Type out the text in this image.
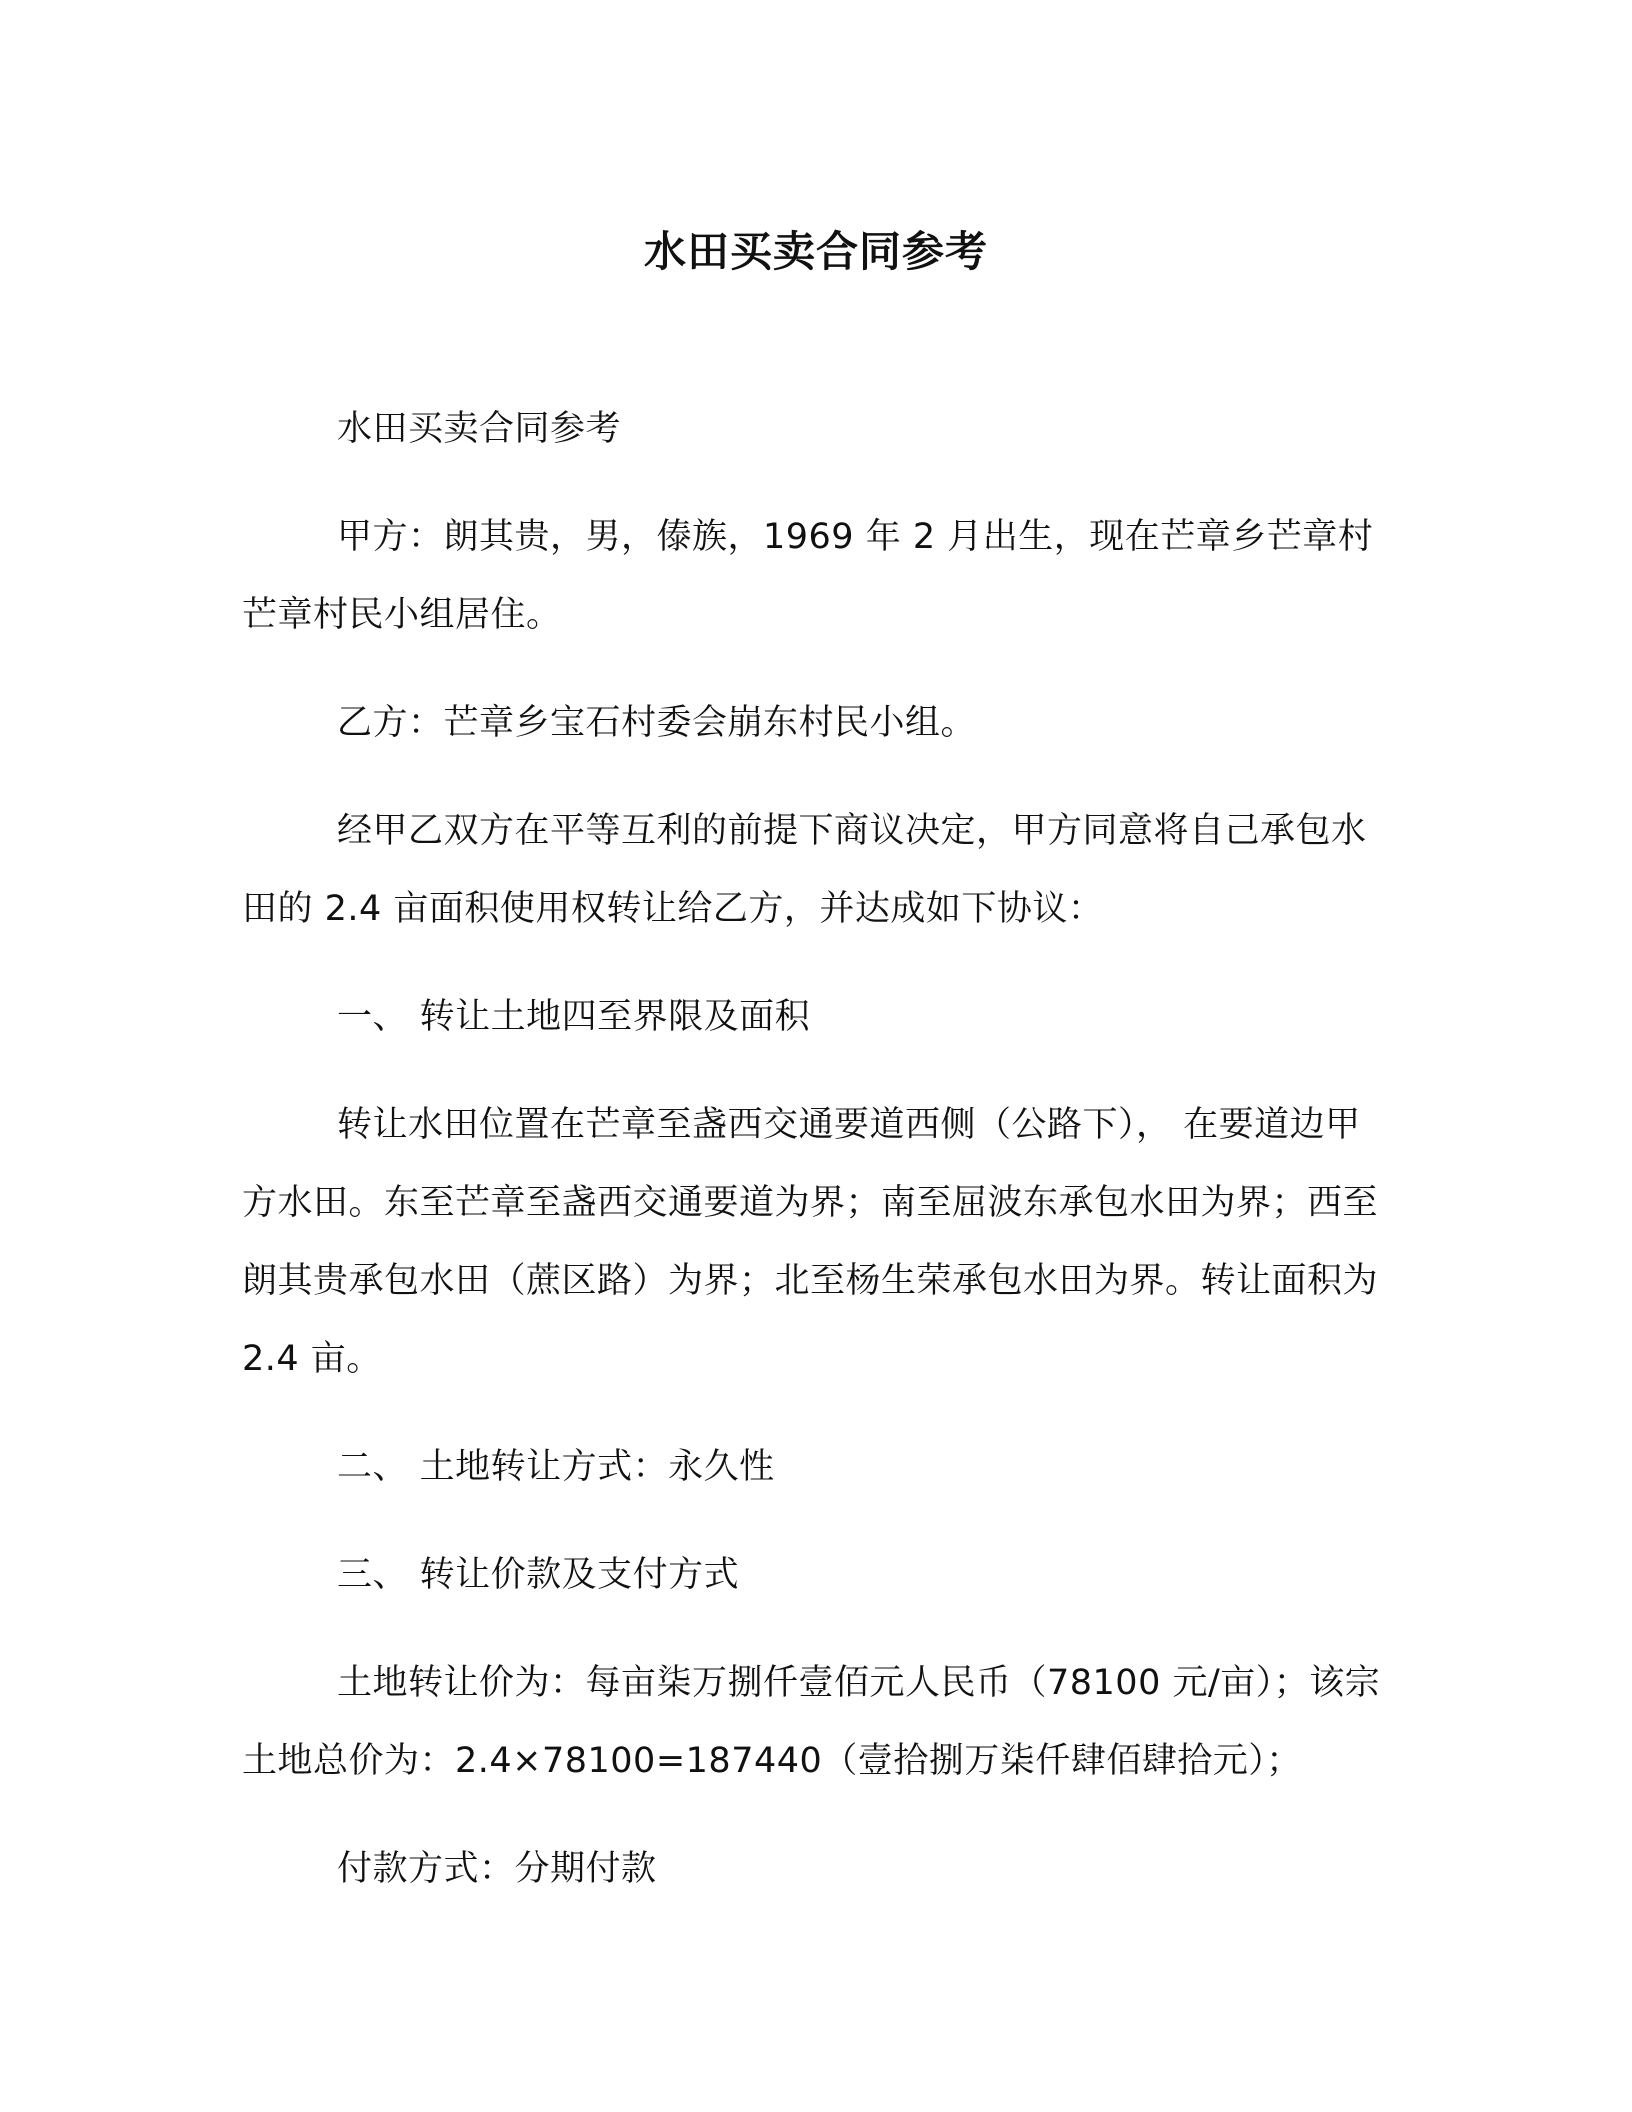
水田买卖合同参考

水田买卖合同参考

甲方：朗其贵，男，傣族，1969 年 2 月出生，现在芒章乡芒章村芒章村民小组居住。

乙方：芒章乡宝石村委会崩东村民小组。

经甲乙双方在平等互利的前提下商议决定，甲方同意将自己承包水田的 2.4 亩面积使用权转让给乙方，并达成如下协议：

一、 转让土地四至界限及面积

转让水田位置在芒章至盏西交通要道西侧（公路下）， 在要道边甲方水田。东至芒章至盏西交通要道为界；南至屈波东承包水田为界；西至朗其贵承包水田（蔗区路）为界；北至杨生荣承包水田为界。转让面积为 2.4 亩。

二、 土地转让方式：永久性

三、 转让价款及支付方式

土地转让价为：每亩柒万捌仟壹佰元人民币（78100 元/亩）；该宗土地总价为：2.4×78100=187440（壹拾捌万柒仟肆佰肆拾元）；

付款方式：分期付款
